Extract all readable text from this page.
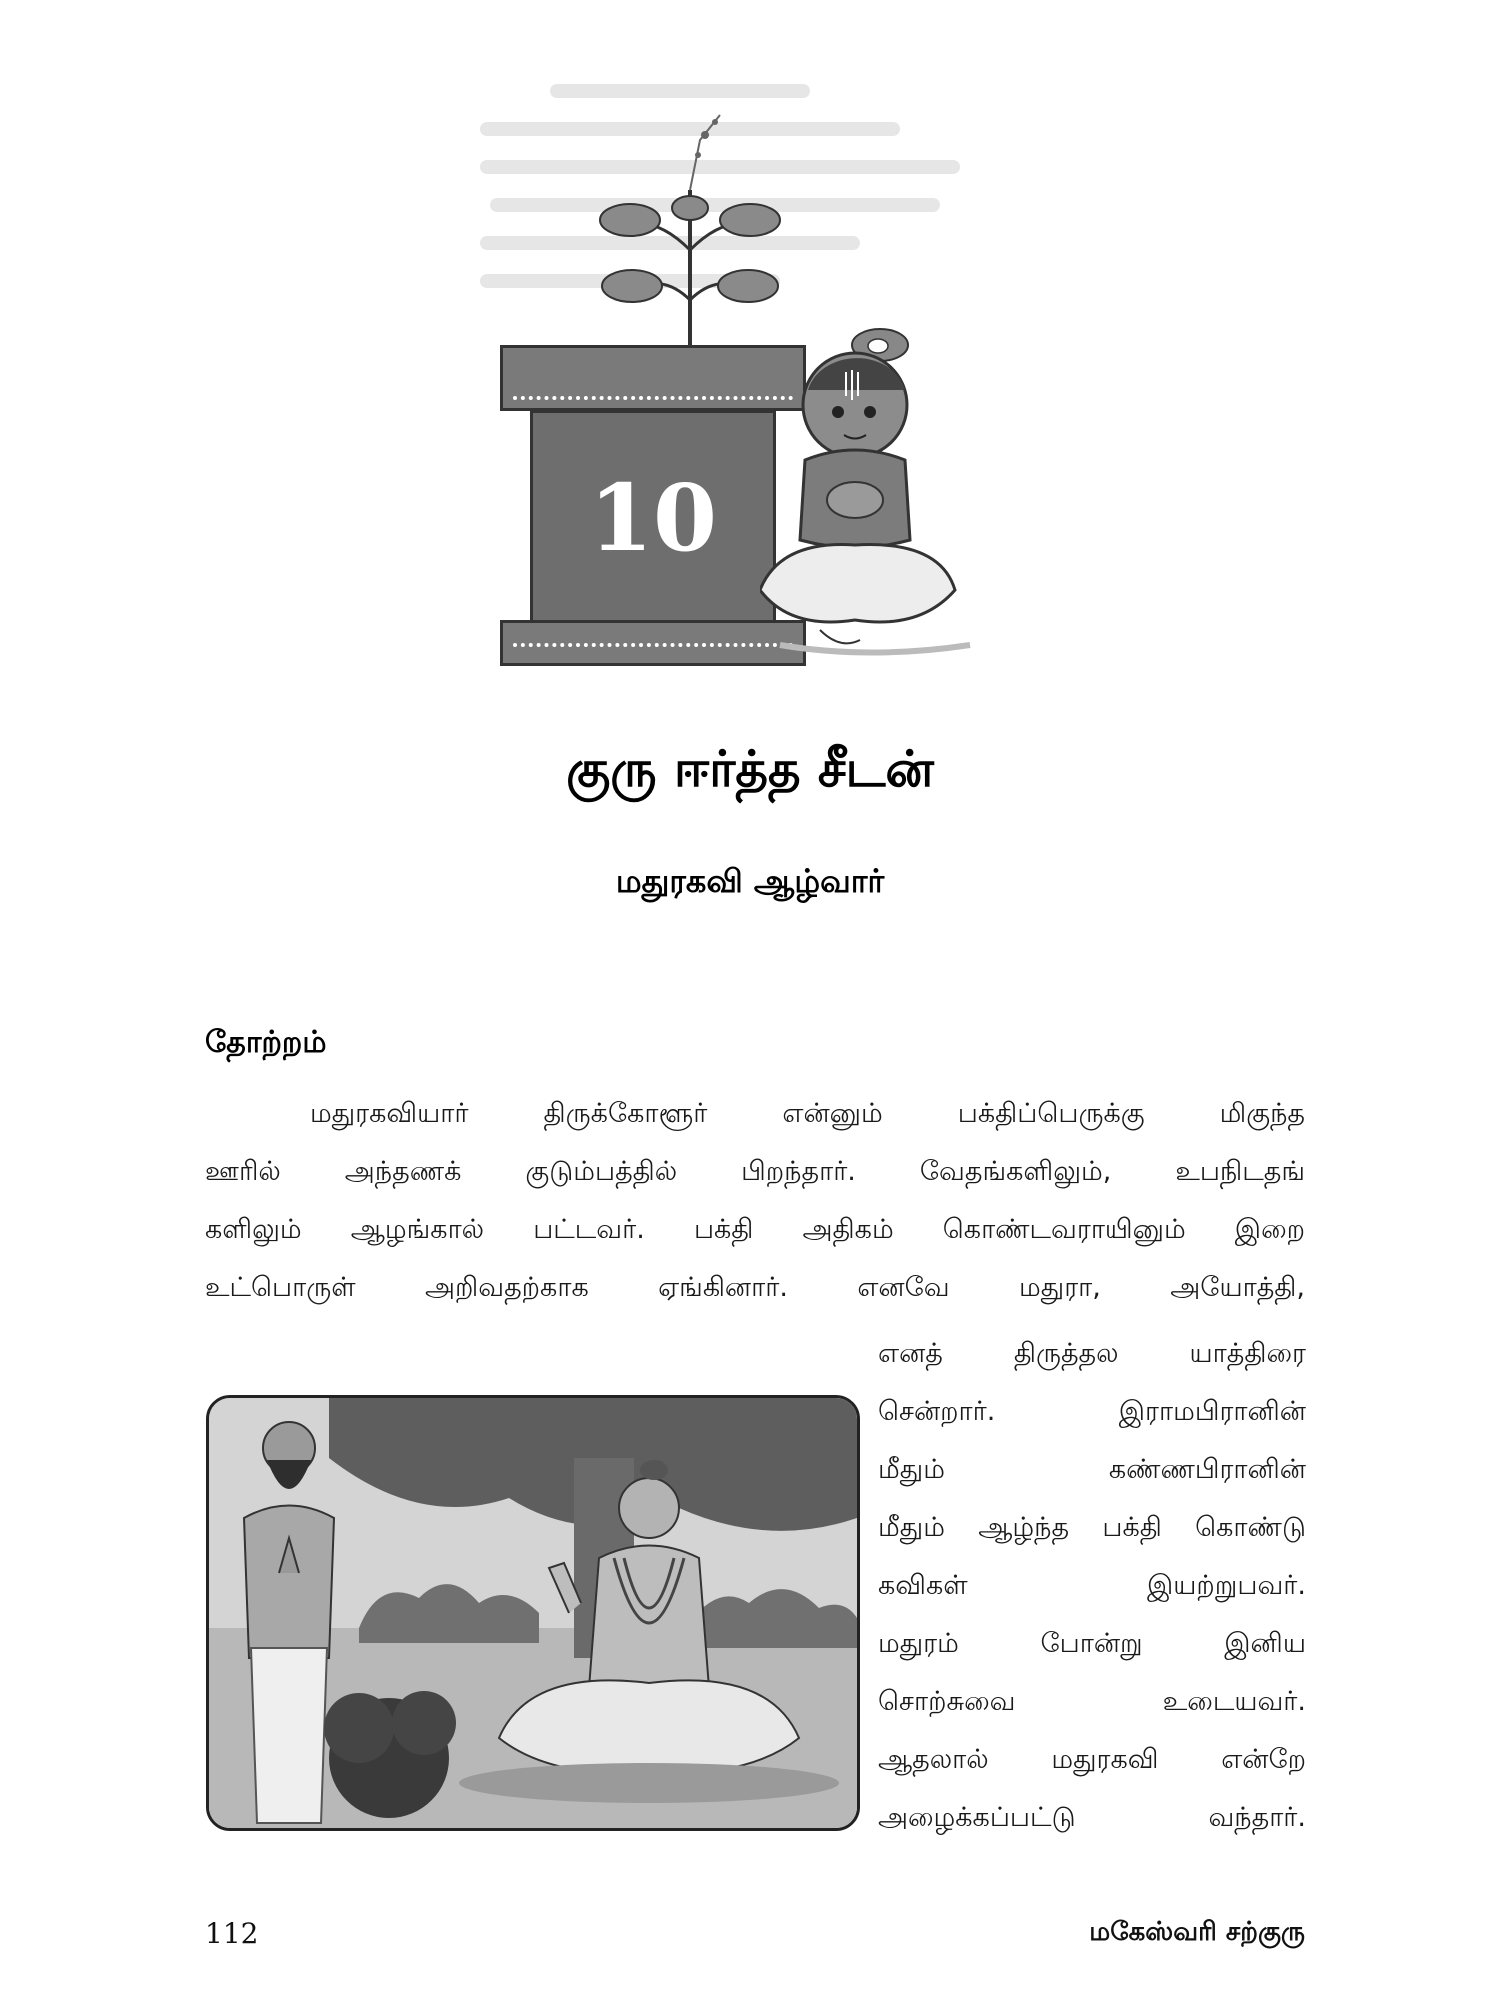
10
குரு ஈர்த்த சீடன்
மதுரகவி ஆழ்வார்
தோற்றம்
மதுரகவியார் திருக்கோளூர் என்னும் பக்திப்பெருக்கு மிகுந்த
ஊரில் அந்தணக் குடும்பத்தில் பிறந்தார். வேதங்களிலும், உபநிடதங்
களிலும் ஆழங்கால் பட்டவர். பக்தி அதிகம் கொண்டவராயினும் இறை
உட்பொருள் அறிவதற்காக ஏங்கினார். எனவே மதுரா, அயோத்தி,
எனத் திருத்தல யாத்திரை
சென்றார். இராமபிரானின்
மீதும் கண்ணபிரானின்
மீதும் ஆழ்ந்த பக்தி கொண்டு
கவிகள் இயற்றுபவர்.
மதுரம் போன்று இனிய
சொற்சுவை உடையவர்.
ஆதலால் மதுரகவி என்றே
அழைக்கப்பட்டு வந்தார்.
112	மகேஸ்வரி சற்குரு
